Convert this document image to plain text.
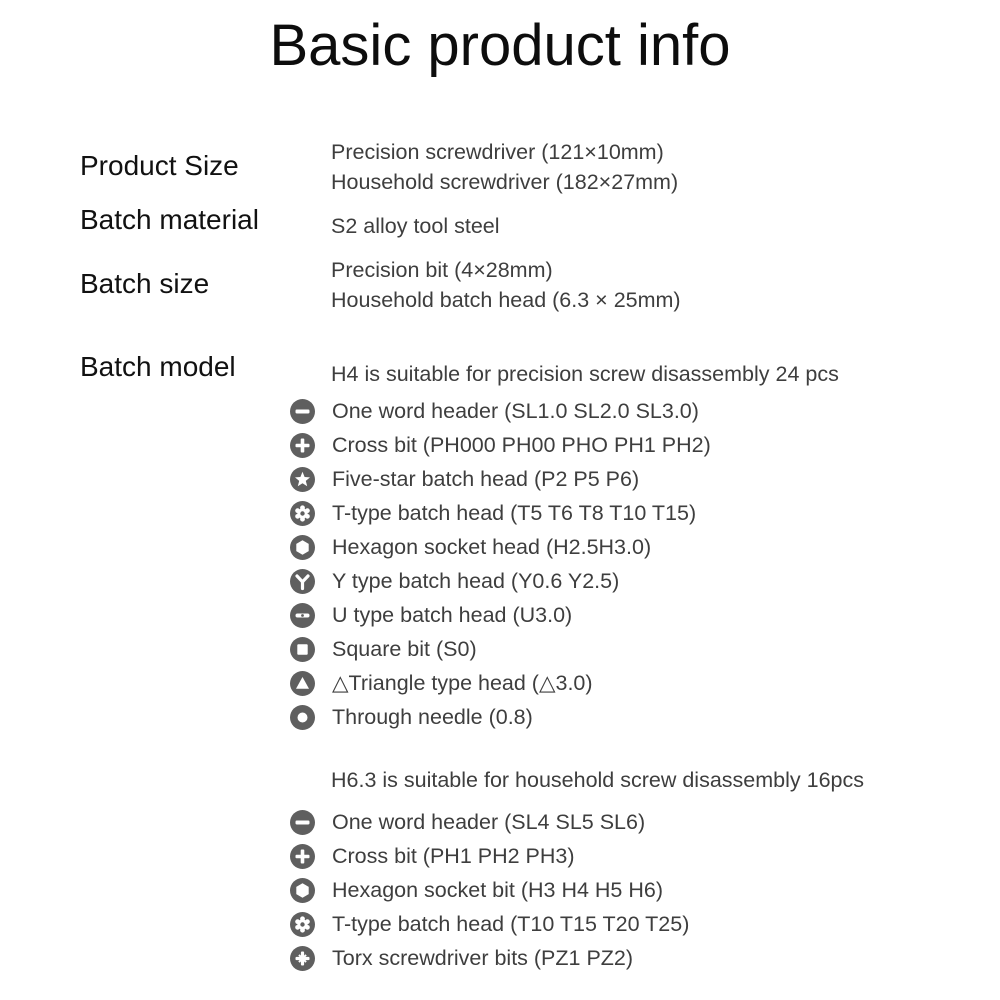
Basic product info
Product Size	Precision screwdriver (121×10mm)
Household screwdriver (182×27mm)
Batch material	S2 alloy tool steel
Batch size	Precision bit (4×28mm)
Household batch head (6.3 × 25mm)
Batch model	H4 is suitable for precision screw disassembly 24 pcs
One word header (SL1.0 SL2.0 SL3.0)
Cross bit (PH000 PH00 PHO PH1 PH2)
Five-star batch head (P2 P5 P6)
T-type batch head (T5 T6 T8 T10 T15)
Hexagon socket head (H2.5H3.0)
Y type batch head (Y0.6 Y2.5)
U type batch head (U3.0)
Square bit (S0)
△Triangle type head (△3.0)
Through needle (0.8)
H6.3 is suitable for household screw disassembly 16pcs
One word header (SL4 SL5 SL6)
Cross bit (PH1 PH2 PH3)
Hexagon socket bit (H3 H4 H5 H6)
T-type batch head (T10 T15 T20 T25)
Torx screwdriver bits (PZ1 PZ2)
